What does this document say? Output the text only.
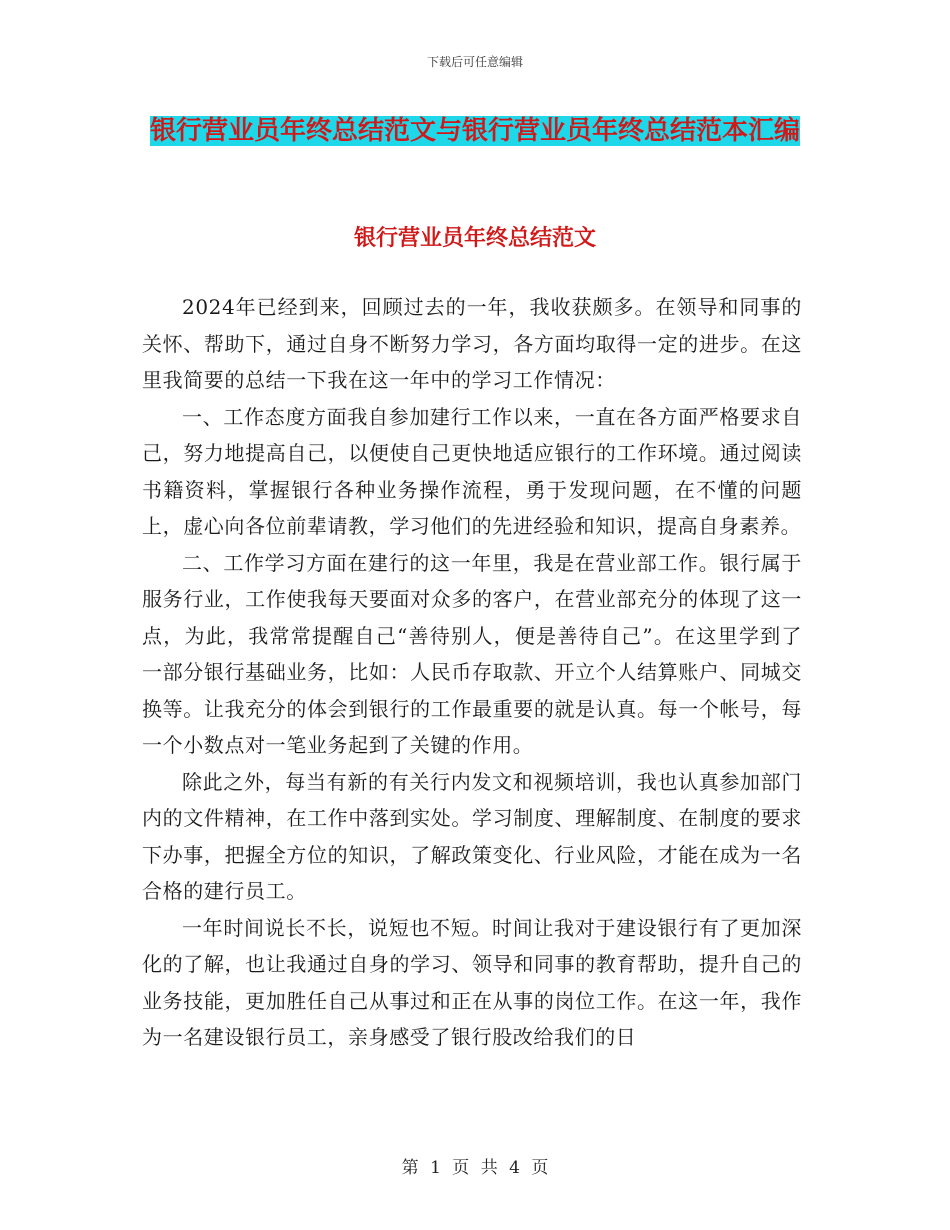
下载后可任意编辑
银行营业员年终总结范文与银行营业员年终总结范本汇编
银行营业员年终总结范文

2024年已经到来，回顾过去的一年，我收获颇多。在领导和同事的关怀、帮助下，通过自身不断努力学习，各方面均取得一定的进步。在这里我简要的总结一下我在这一年中的学习工作情况：

一、工作态度方面我自参加建行工作以来，一直在各方面严格要求自己，努力地提高自己，以便使自己更快地适应银行的工作环境。通过阅读书籍资料，掌握银行各种业务操作流程，勇于发现问题，在不懂的问题上，虚心向各位前辈请教，学习他们的先进经验和知识，提高自身素养。

二、工作学习方面在建行的这一年里，我是在营业部工作。银行属于服务行业，工作使我每天要面对众多的客户，在营业部充分的体现了这一点，为此，我常常提醒自己“善待别人，便是善待自己”。在这里学到了一部分银行基础业务，比如：人民币存取款、开立个人结算账户、同城交换等。让我充分的体会到银行的工作最重要的就是认真。每一个帐号，每一个小数点对一笔业务起到了关键的作用。

除此之外，每当有新的有关行内发文和视频培训，我也认真参加部门内的文件精神，在工作中落到实处。学习制度、理解制度、在制度的要求下办事，把握全方位的知识，了解政策变化、行业风险，才能在成为一名合格的建行员工。

一年时间说长不长，说短也不短。时间让我对于建设银行有了更加深化的了解，也让我通过自身的学习、领导和同事的教育帮助，提升自己的业务技能，更加胜任自己从事过和正在从事的岗位工作。在这一年，我作为一名建设银行员工，亲身感受了银行股改给我们的日

第 1 页 共 4 页
